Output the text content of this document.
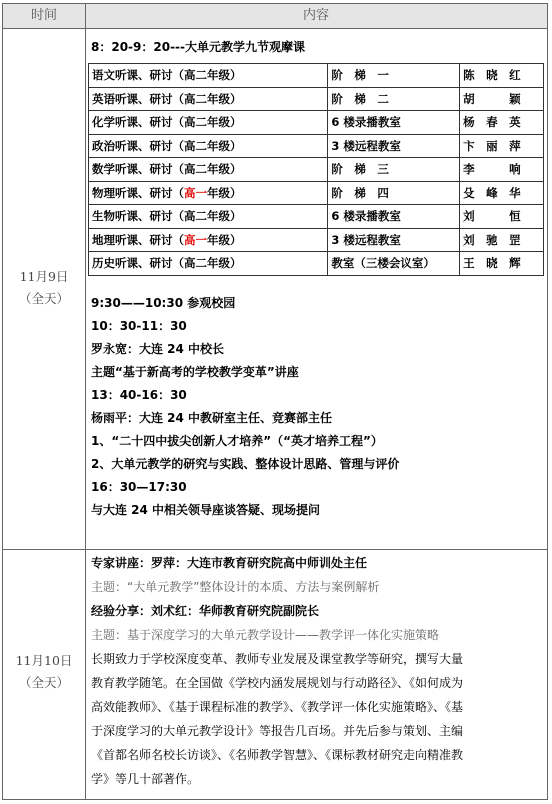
时间	内容
11月9日
（全天）
8：20-9：20---大单元教学九节观摩课
语文听课、研讨（高二年级）	阶　梯　一	陈　晓　红
英语听课、研讨（高二年级）	阶　梯　二	胡　　　颖
化学听课、研讨（高二年级）	6 楼录播教室	杨　春　英
政治听课、研讨（高二年级）	3 楼远程教室	卞　丽　萍
数学听课、研讨（高二年级）	阶　梯　三	李　　　响
物理听课、研讨（高一年级）	阶　梯　四	殳　峰　华
生物听课、研讨（高二年级）	6 楼录播教室	刘　　　恒
地理听课、研讨（高一年级）	3 楼远程教室	刘　驰　罡
历史听课、研讨（高二年级）	教室（三楼会议室）	王　晓　辉
9:30——10:30 参观校园
10：30-11：30
罗永宽：大连 24 中校长
主题“基于新高考的学校教学变革”讲座
13：40-16：30
杨雨平：大连 24 中教研室主任、竞赛部主任
1、“二十四中拔尖创新人才培养”（“英才培养工程”）
2、大单元教学的研究与实践、整体设计思路、管理与评价
16：30—17:30
与大连 24 中相关领导座谈答疑、现场提问
11月10日
（全天）
专家讲座：罗萍：大连市教育研究院高中师训处主任
主题：“大单元教学”整体设计的本质、方法与案例解析
经验分享：刘术红：华师教育研究院副院长
主题：基于深度学习的大单元教学设计——教学评一体化实施策略
长期致力于学校深度变革、教师专业发展及课堂教学等研究，撰写大量
教育教学随笔。在全国做《学校内涵发展规划与行动路径》、《如何成为
高效能教师》、《基于课程标准的教学》、《教学评一体化实施策略》、《基
于深度学习的大单元教学设计》等报告几百场。并先后参与策划、主编
《首都名师名校长访谈》、《名师教学智慧》、《课标教材研究走向精准教
学》等几十部著作。
